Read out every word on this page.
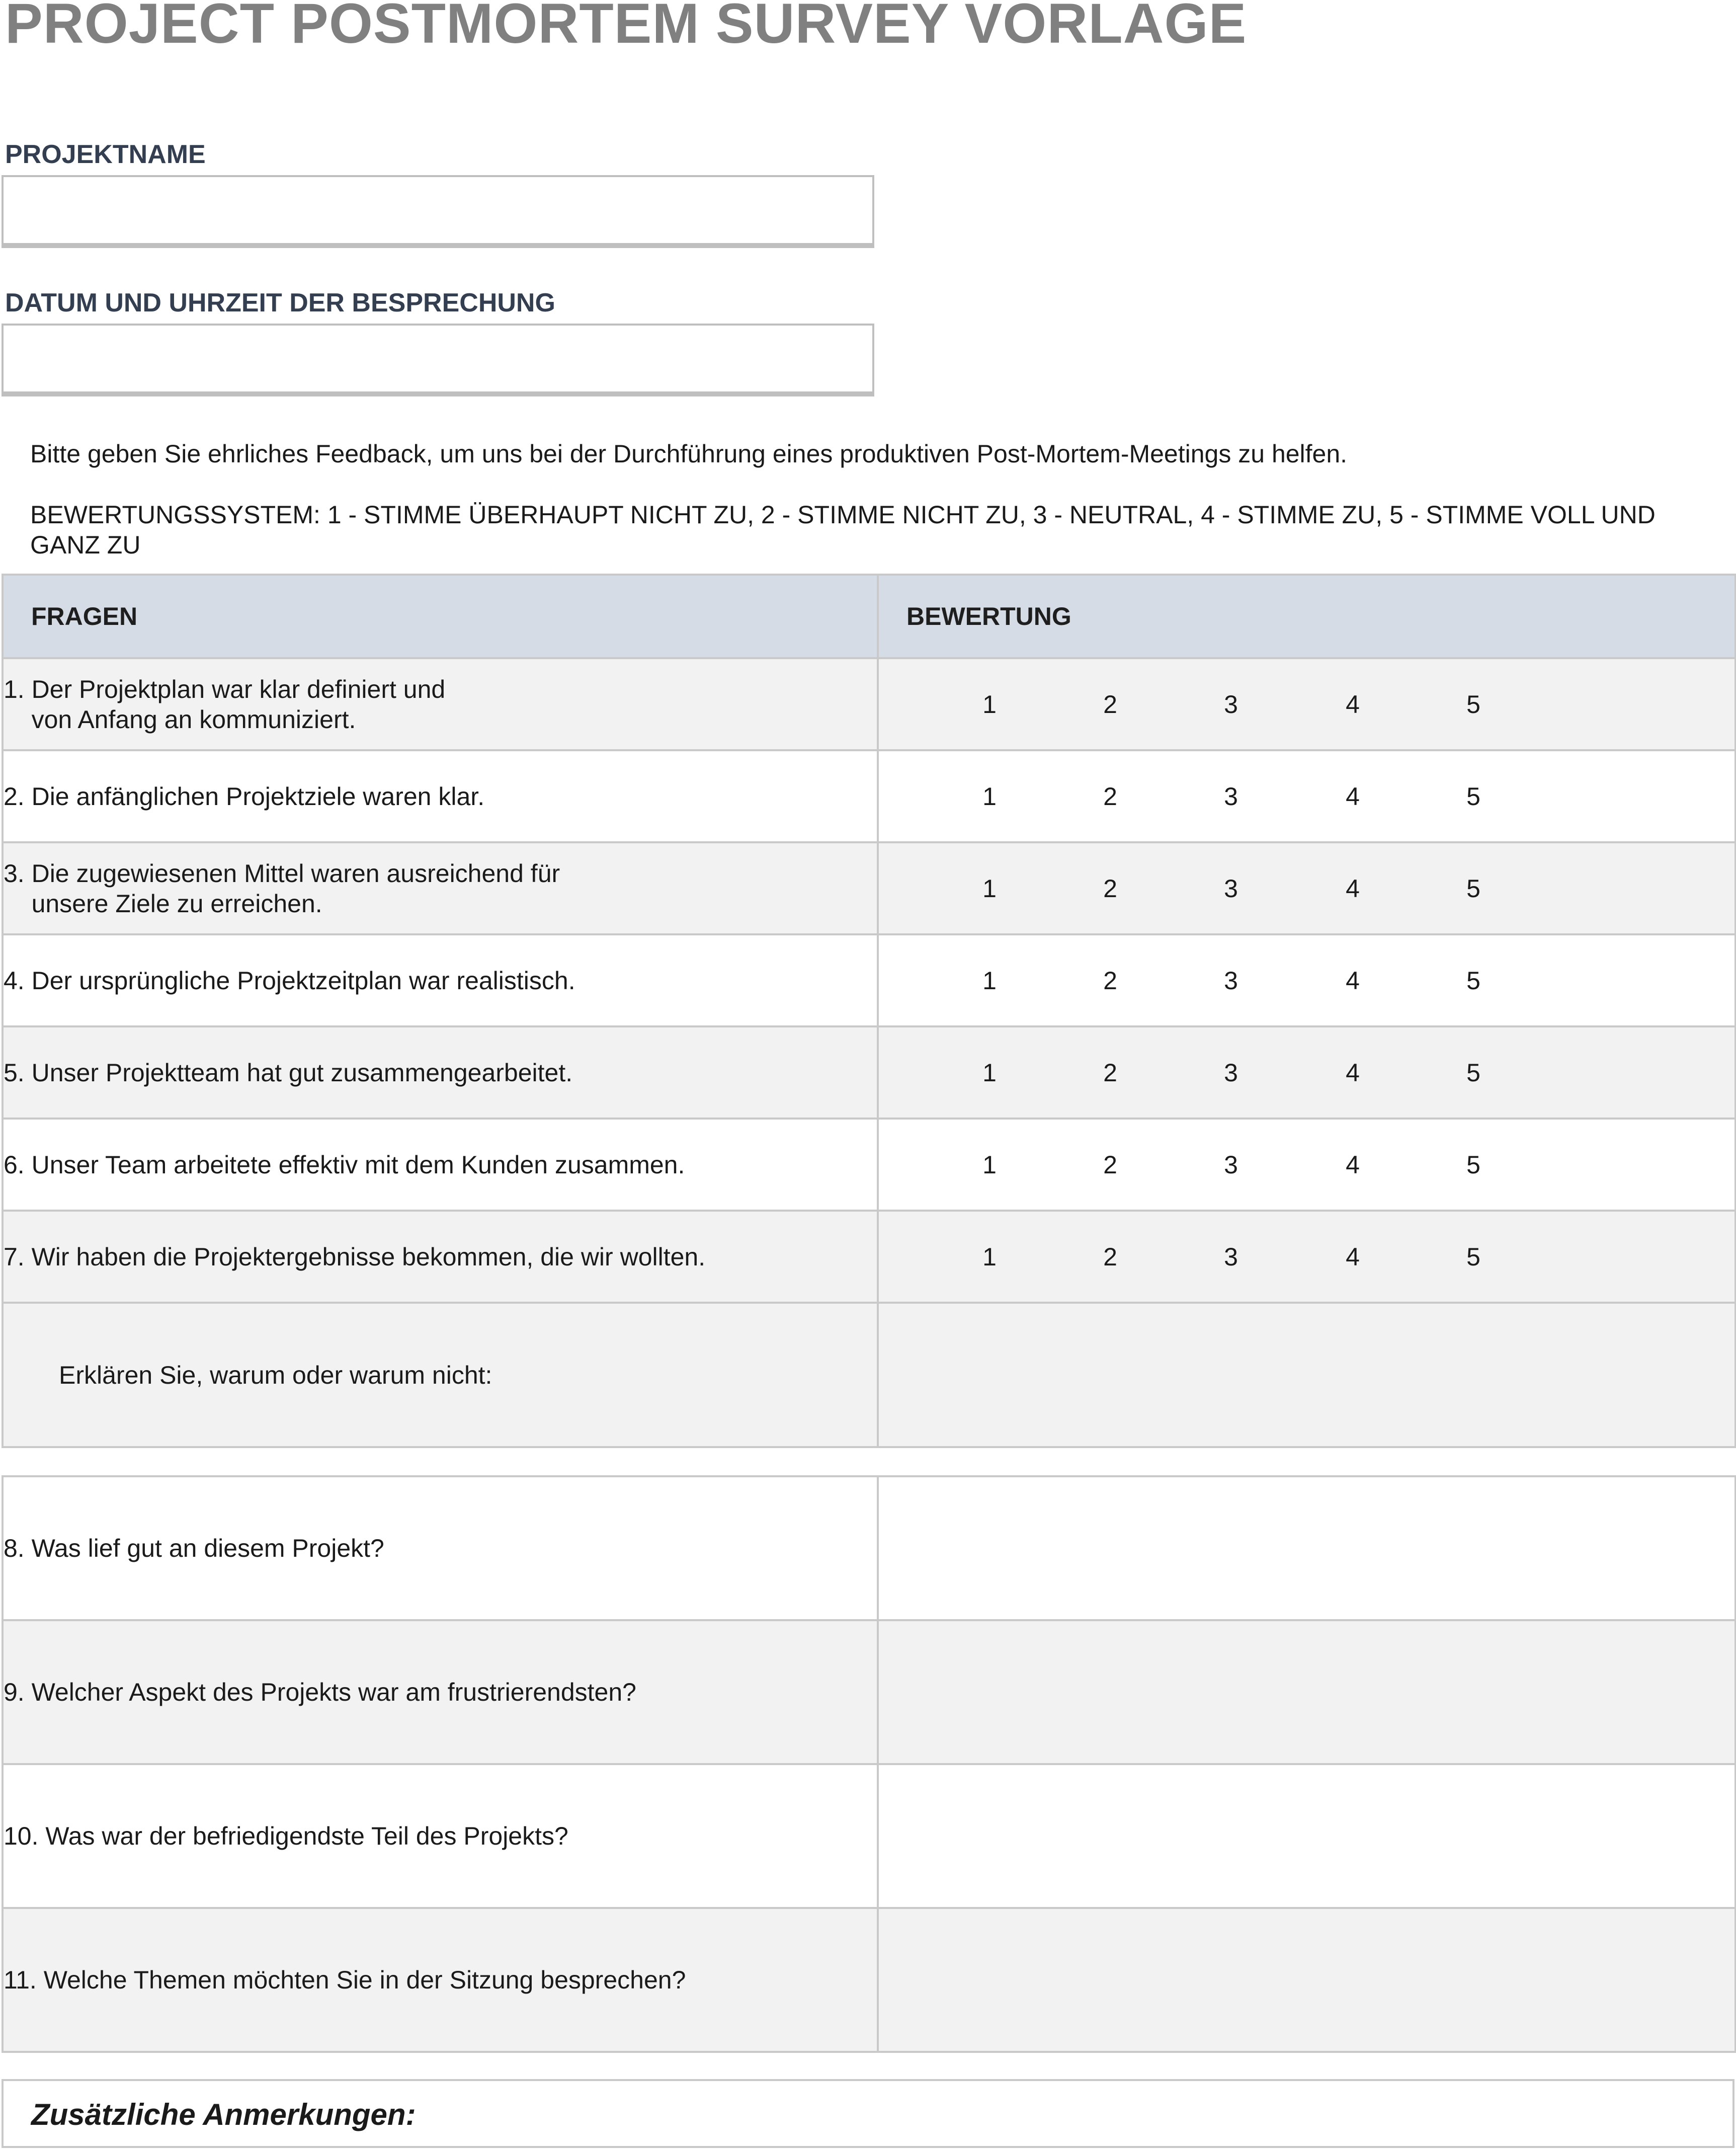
PROJECT POSTMORTEM SURVEY VORLAGE
PROJEKTNAME
DATUM UND UHRZEIT DER BESPRECHUNG
Bitte geben Sie ehrliches Feedback, um uns bei der Durchführung eines produktiven Post-Mortem-Meetings zu helfen.
BEWERTUNGSSYSTEM: 1 - STIMME ÜBERHAUPT NICHT ZU, 2 - STIMME NICHT ZU, 3 - NEUTRAL, 4 - STIMME ZU, 5 - STIMME VOLL UND GANZ ZU
FRAGEN	BEWERTUNG
1. Der Projektplan war klar definiert und
von Anfang an kommuniziert.	1 2 3 4 5

2. Die anfänglichen Projektziele waren klar.	1 2 3 4 5

3. Die zugewiesenen Mittel waren ausreichend für
unsere Ziele zu erreichen.	1 2 3 4 5

4. Der ursprüngliche Projektzeitplan war realistisch.	1 2 3 4 5

5. Unser Projektteam hat gut zusammengearbeitet.	1 2 3 4 5

6. Unser Team arbeitete effektiv mit dem Kunden zusammen.	1 2 3 4 5

7. Wir haben die Projektergebnisse bekommen, die wir wollten.	1 2 3 4 5

Erklären Sie, warum oder warum nicht:	
8. Was lief gut an diesem Projekt?	
9. Welcher Aspekt des Projekts war am frustrierendsten?	
10. Was war der befriedigendste Teil des Projekts?	
11. Welche Themen möchten Sie in der Sitzung besprechen?	
Zusätzliche Anmerkungen:
